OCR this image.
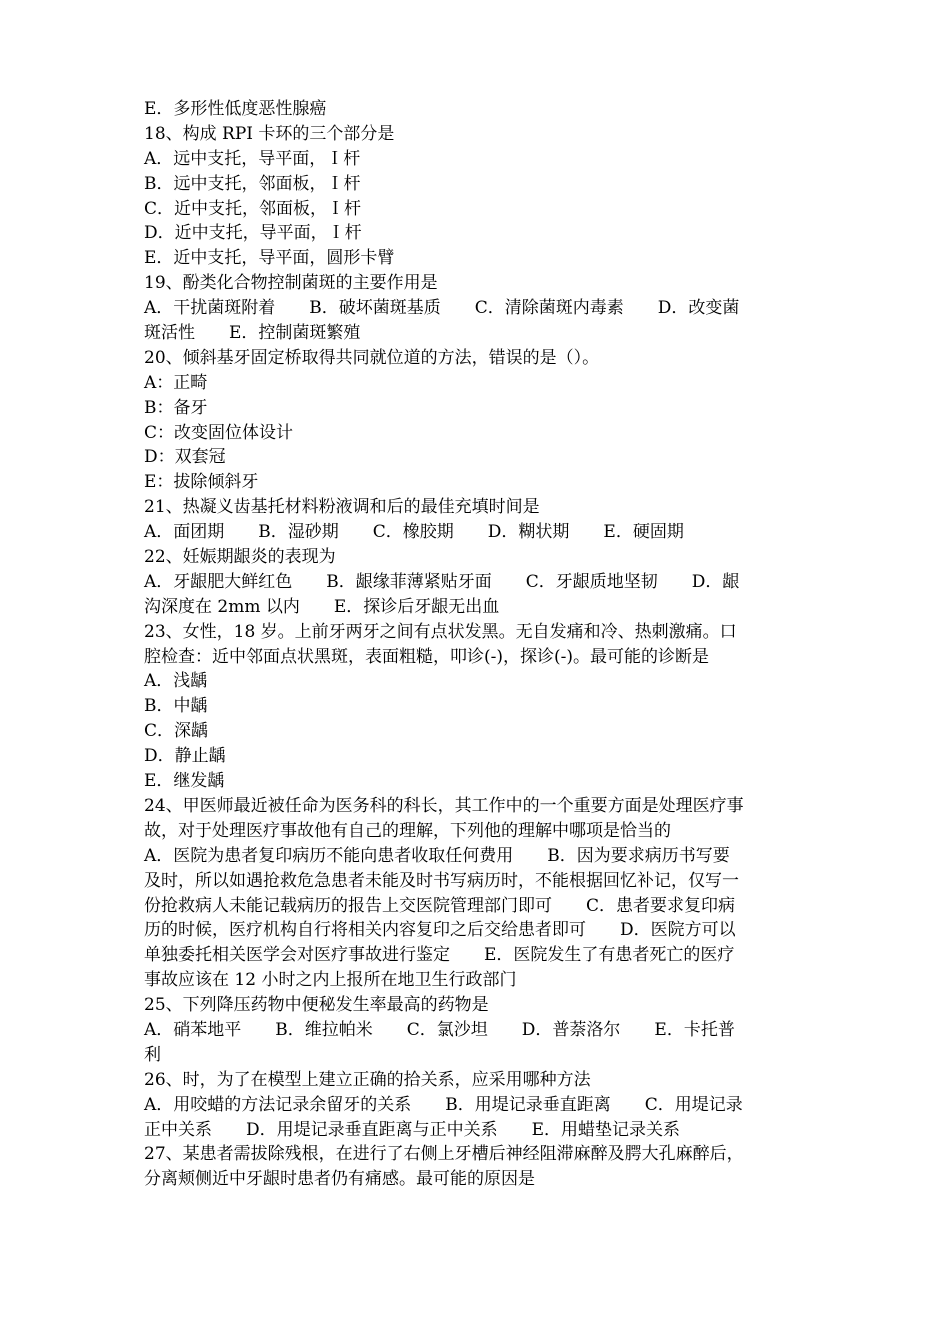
E．多形性低度恶性腺癌
18、构成 RPI 卡环的三个部分是
A．远中支托，导平面，Ｉ杆
B．远中支托，邻面板，Ｉ杆
C．近中支托，邻面板，Ｉ杆
D．近中支托，导平面，Ｉ杆
E．近中支托，导平面，圆形卡臂
19、酚类化合物控制菌斑的主要作用是
A．干扰菌斑附着　　B．破坏菌斑基质　　C．清除菌斑内毒素　　D．改变菌
斑活性　　E．控制菌斑繁殖
20、倾斜基牙固定桥取得共同就位道的方法，错误的是（）。
A：正畸
B：备牙
C：改变固位体设计
D：双套冠
E：拔除倾斜牙
21、热凝义齿基托材料粉液调和后的最佳充填时间是
A．面团期　　B．湿砂期　　C．橡胶期　　D．糊状期　　E．硬固期
22、妊娠期龈炎的表现为
A．牙龈肥大鲜红色　　B．龈缘菲薄紧贴牙面　　C．牙龈质地坚韧　　D．龈
沟深度在 2mm 以内　　E．探诊后牙龈无出血
23、女性，18 岁。上前牙两牙之间有点状发黑。无自发痛和冷、热刺激痛。口
腔检查：近中邻面点状黑斑，表面粗糙，叩诊(-)，探诊(-)。最可能的诊断是
A．浅龋
B．中龋
C．深龋
D．静止龋
E．继发龋
24、甲医师最近被任命为医务科的科长，其工作中的一个重要方面是处理医疗事
故，对于处理医疗事故他有自己的理解，下列他的理解中哪项是恰当的
A．医院为患者复印病历不能向患者收取任何费用　　B．因为要求病历书写要
及时，所以如遇抢救危急患者未能及时书写病历时，不能根据回忆补记，仅写一
份抢救病人未能记载病历的报告上交医院管理部门即可　　C．患者要求复印病
历的时候，医疗机构自行将相关内容复印之后交给患者即可　　D．医院方可以
单独委托相关医学会对医疗事故进行鉴定　　E．医院发生了有患者死亡的医疗
事故应该在 12 小时之内上报所在地卫生行政部门
25、下列降压药物中便秘发生率最高的药物是
A．硝苯地平　　B．维拉帕米　　C．氯沙坦　　D．普萘洛尔　　E．卡托普
利
26、时，为了在模型上建立正确的拾关系，应采用哪种方法
A．用咬蜡的方法记录余留牙的关系　　B．用堤记录垂直距离　　C．用堤记录
正中关系　　D．用堤记录垂直距离与正中关系　　E．用蜡垫记录关系
27、某患者需拔除残根，在进行了右侧上牙槽后神经阻滞麻醉及腭大孔麻醉后，
分离颊侧近中牙龈时患者仍有痛感。最可能的原因是
